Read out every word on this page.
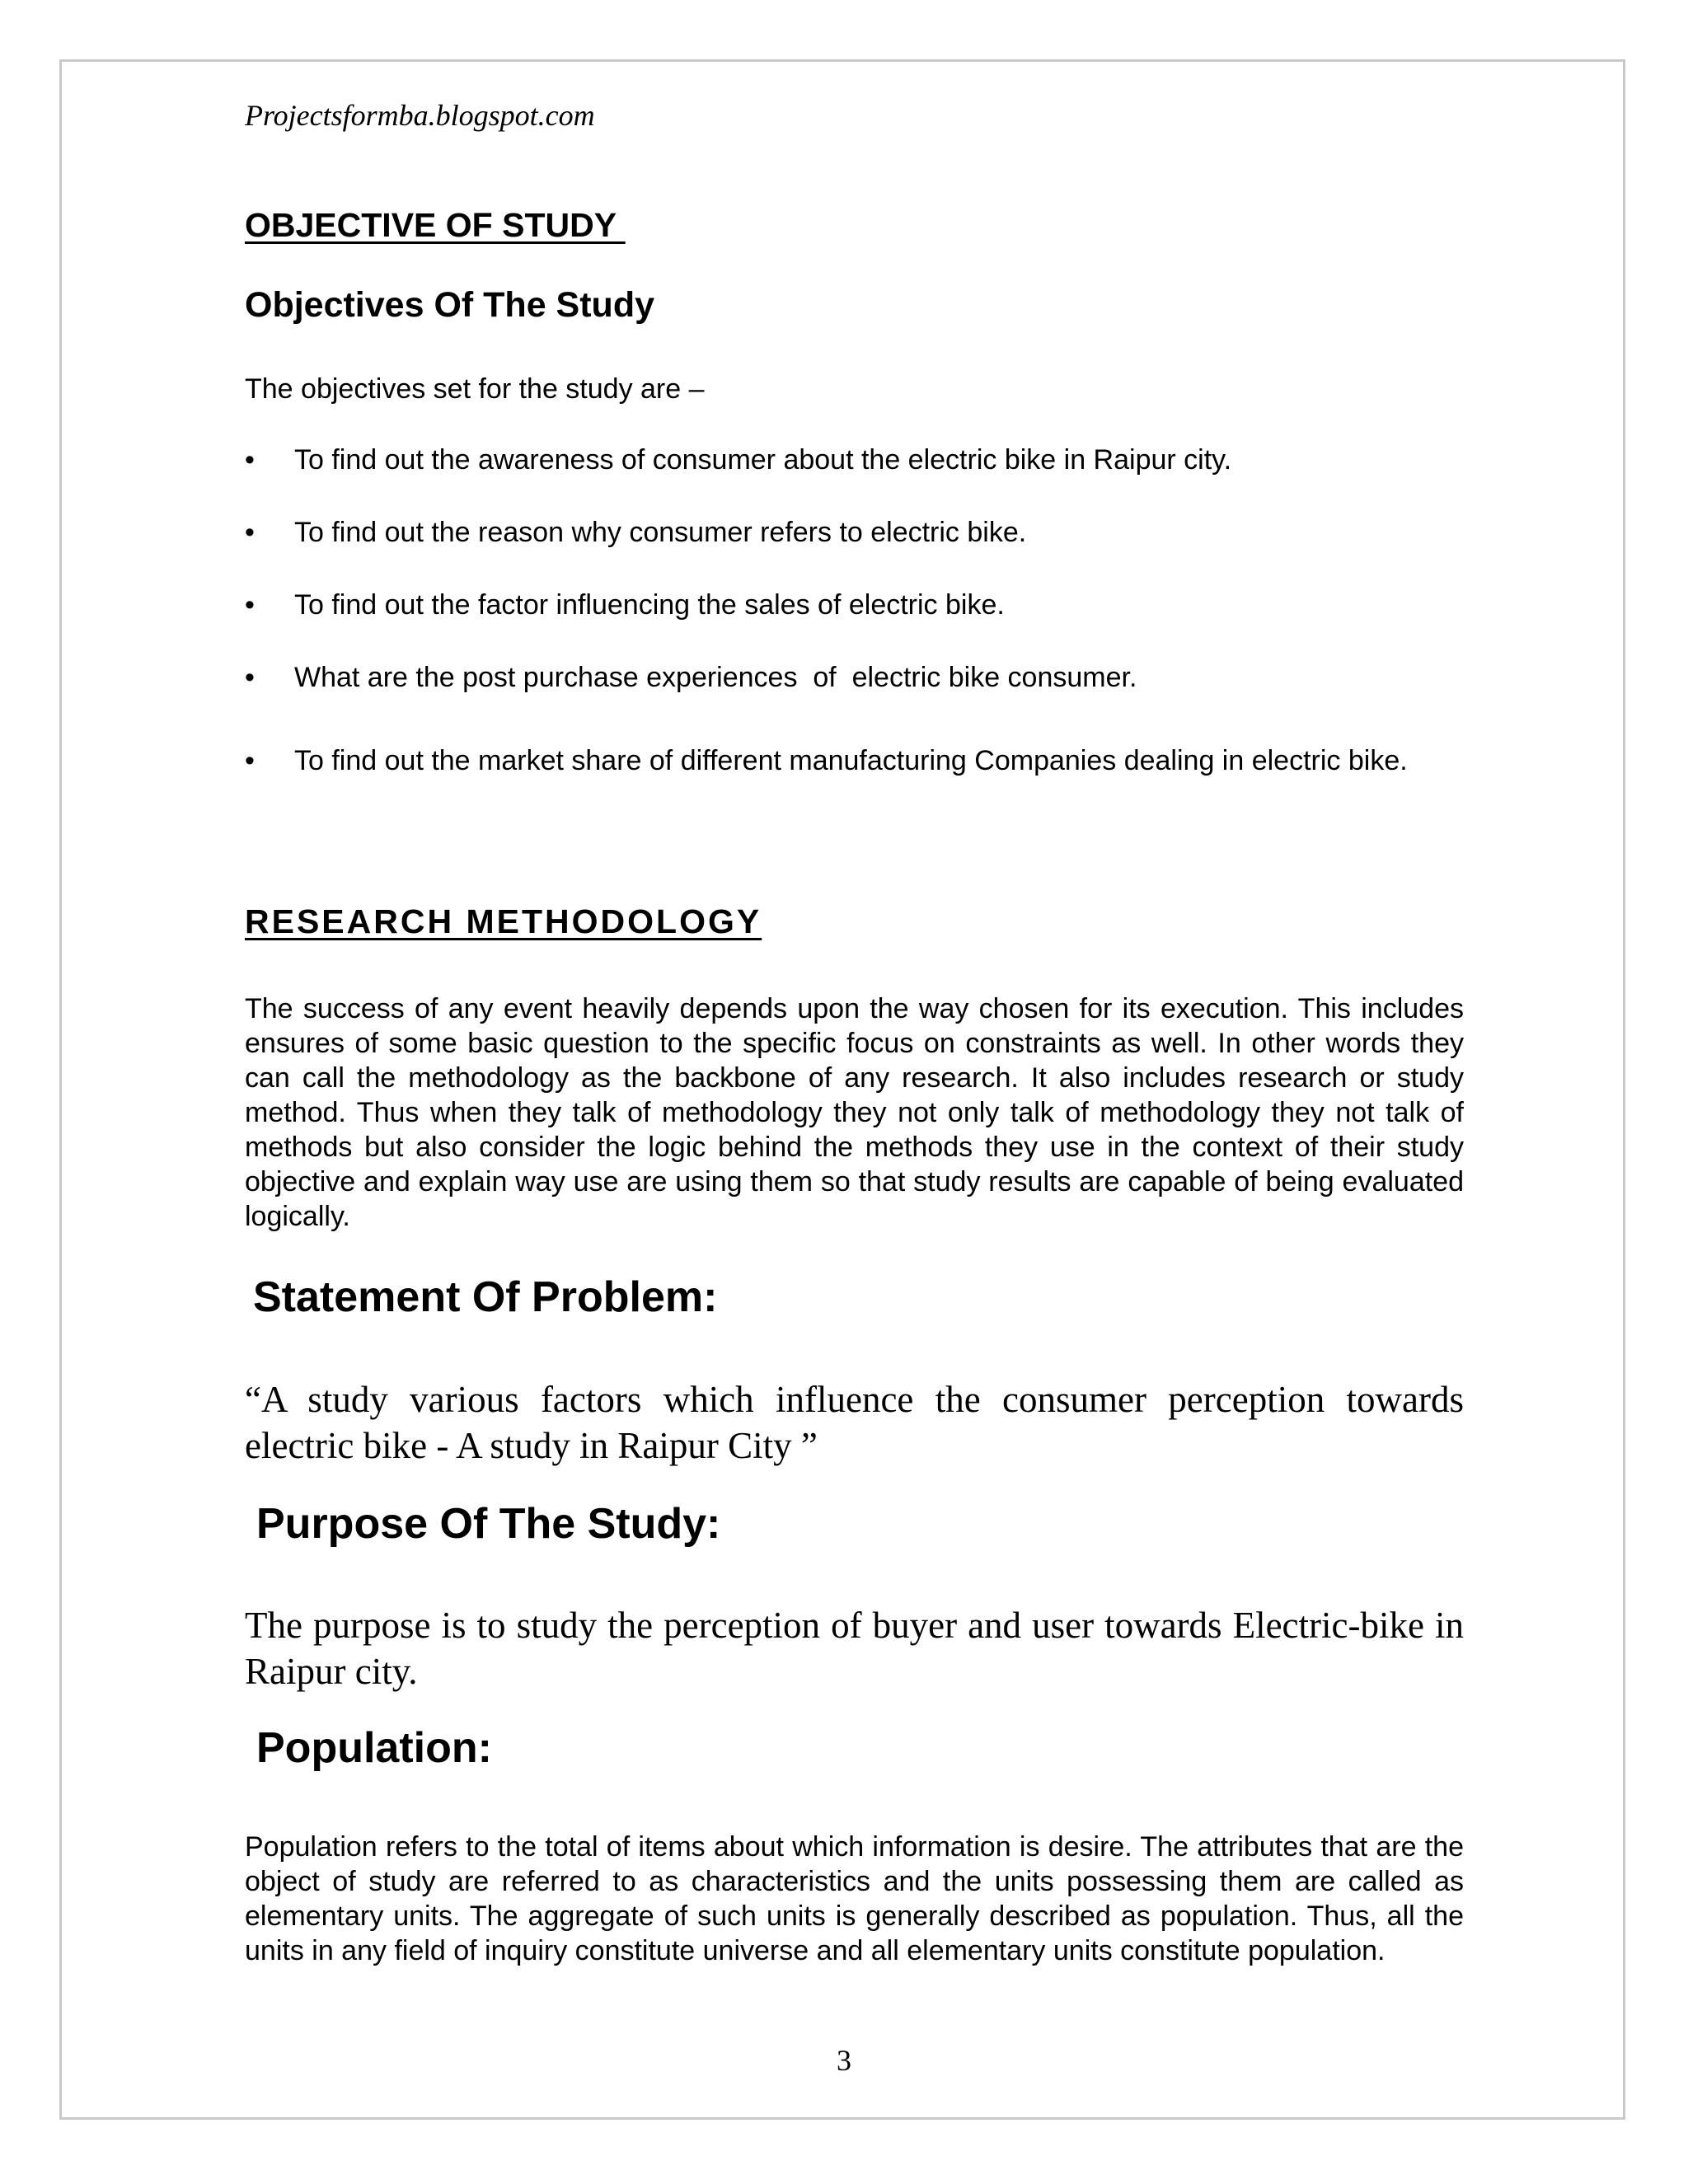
Projectsformba.blogspot.com
OBJECTIVE OF STUDY
Objectives Of The Study
The objectives set for the study are –
• To find out the awareness of consumer about the electric bike in Raipur city.
• To find out the reason why consumer refers to electric bike.
• To find out the factor influencing the sales of electric bike.
• What are the post purchase experiences  of  electric bike consumer.
• To find out the market share of different manufacturing Companies dealing in electric bike.
RESEARCH METHODOLOGY
The success of any event heavily depends upon the way chosen for its execution. This includes ensures of some basic question to the specific focus on constraints as well. In other words they can call the methodology as the backbone of any research. It also includes research or study method. Thus when they talk of methodology they not only talk of methodology they not talk of methods but also consider the logic behind the methods they use in the context of their study objective and explain way use are using them so that study results are capable of being evaluated logically.
Statement Of Problem:
“A study various factors which influence the consumer perception towards electric bike - A study in Raipur City ”
Purpose Of The Study:
The purpose is to study the perception of buyer and user towards Electric-bike in Raipur city.
Population:
Population refers to the total of items about which information is desire. The attributes that are the object of study are referred to as characteristics and the units possessing them are called as elementary units. The aggregate of such units is generally described as population. Thus, all the units in any field of inquiry constitute universe and all elementary units constitute population.
3
